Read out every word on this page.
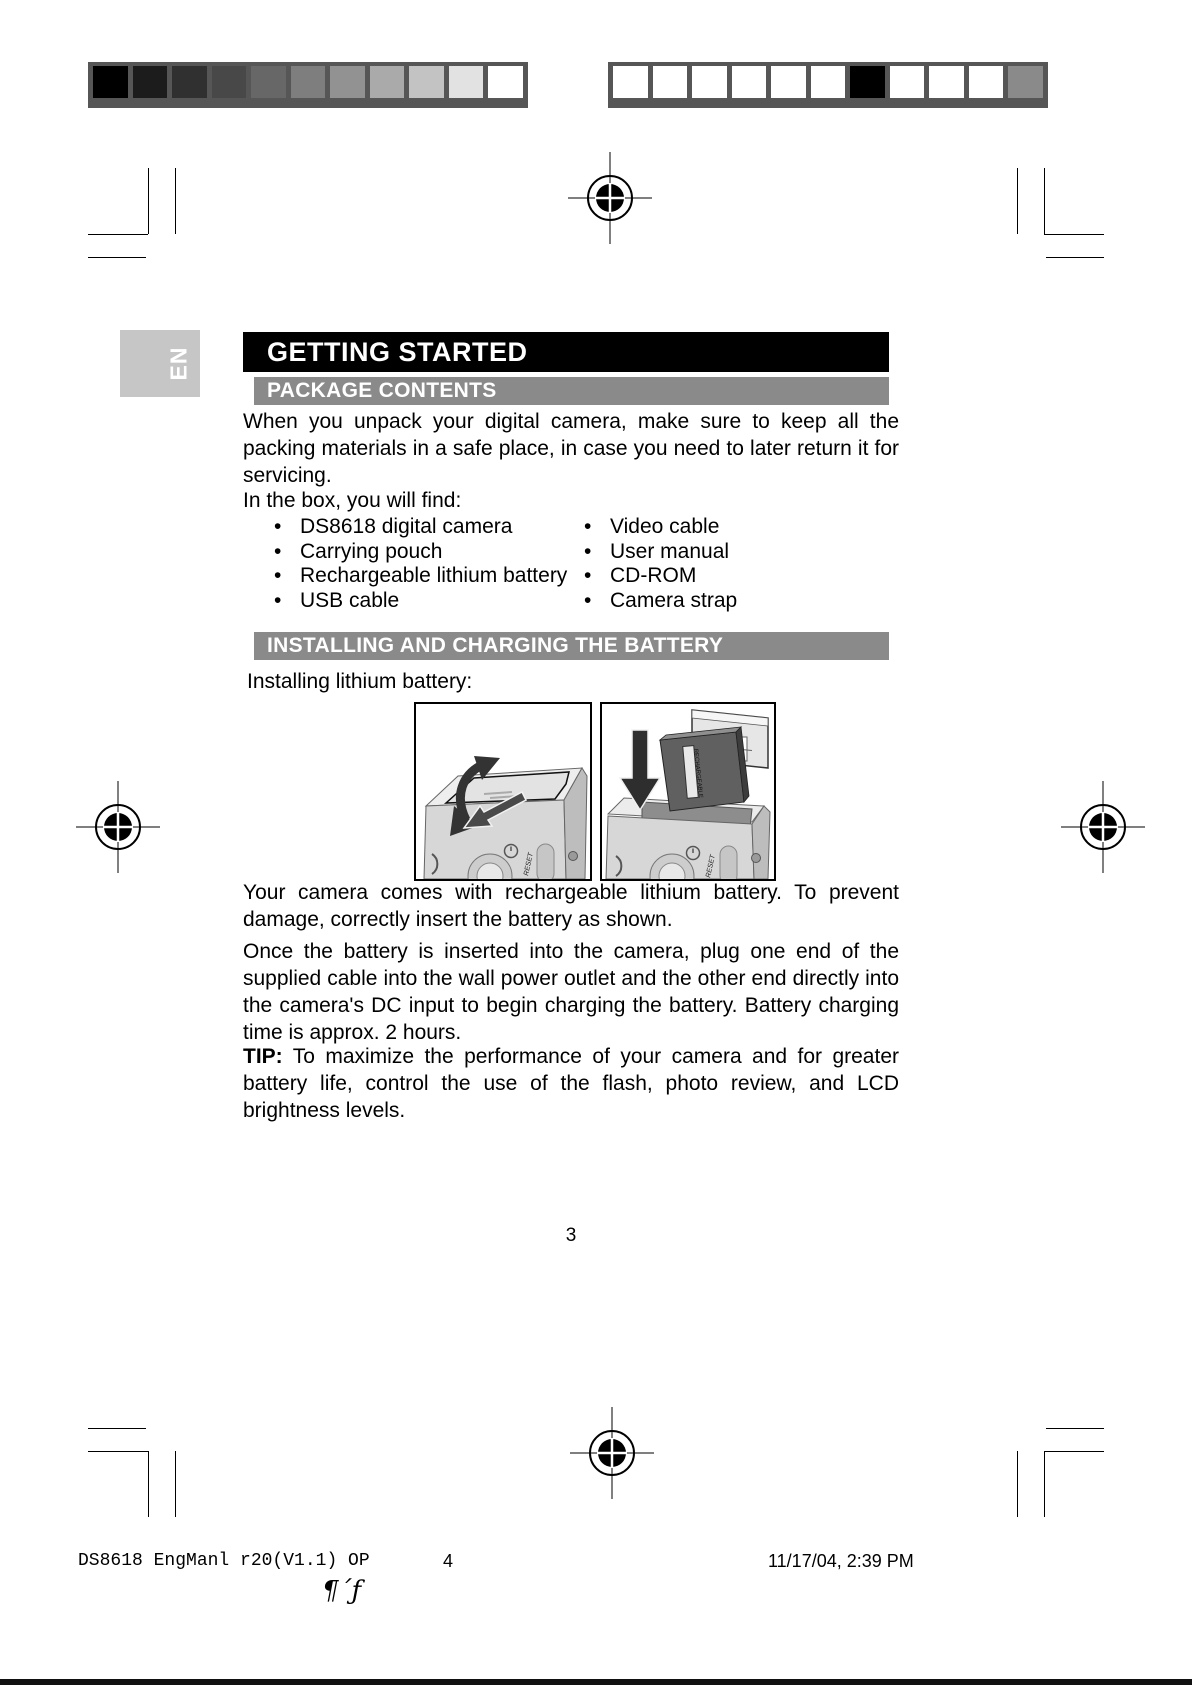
EN	GETTING STARTED
PACKAGE CONTENTS

When you unpack your digital camera, make sure to keep all the packing materials in a safe place, in case you need to later return it for servicing.

In the box, you will find:

• DS8618 digital camera
• Carrying pouch
• Rechargeable lithium battery
• USB cable
• Video cable
• User manual
• CD-ROM
• Camera strap
INSTALLING AND CHARGING THE BATTERY

Installing lithium battery:

RESET
RECHARGEABLE
RESET

Your camera comes with rechargeable lithium battery. To prevent damage, correctly insert the battery as shown.

Once the battery is inserted into the camera, plug one end of the supplied cable into the wall power outlet and the other end directly into the camera's DC input to begin charging the battery. Battery charging time is approx. 2 hours.

TIP: To maximize the performance of your camera and for greater battery life, control the use of the flash, photo review, and LCD brightness levels.

3
DS8618 EngManl r20(V1.1) OP	4	11/17/04, 2:39 PM
¶´ƒ
